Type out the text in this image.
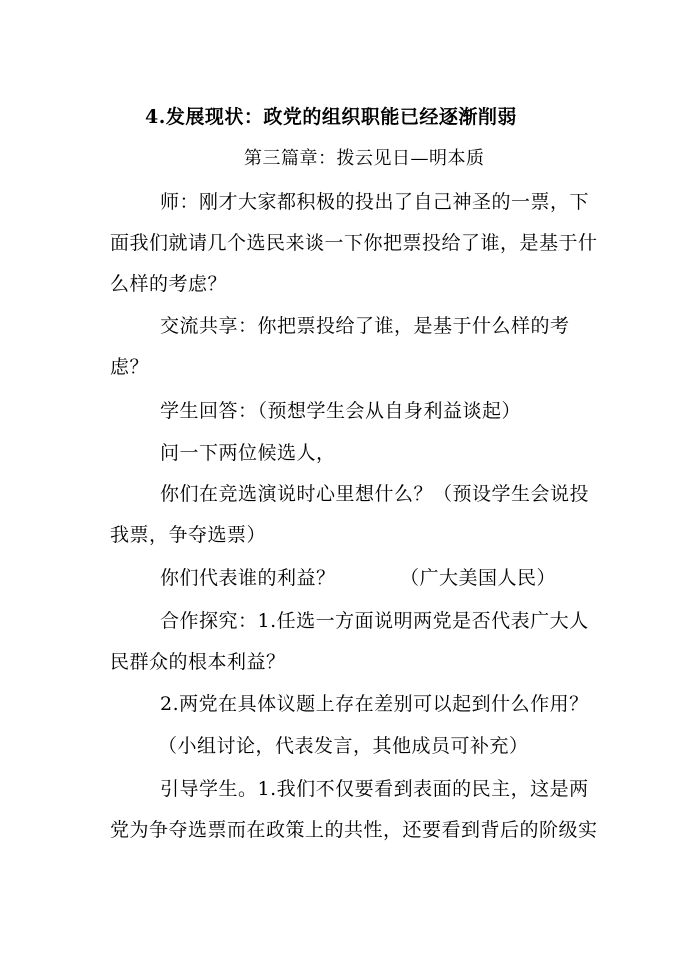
4.发展现状：政党的组织职能已经逐渐削弱
第三篇章：拨云见日—明本质
师：刚才大家都积极的投出了自己神圣的一票，下
面我们就请几个选民来谈一下你把票投给了谁，是基于什
么样的考虑？
交流共享：你把票投给了谁，是基于什么样的考
虑？
学生回答：（预想学生会从自身利益谈起）
问一下两位候选人，
你们在竞选演说时心里想什么？（预设学生会说投
我票，争夺选票）
你们代表谁的利益？	（广大美国人民）
合作探究：1.任选一方面说明两党是否代表广大人
民群众的根本利益？
2.两党在具体议题上存在差别可以起到什么作用？
（小组讨论，代表发言，其他成员可补充）
引导学生。1.我们不仅要看到表面的民主，这是两
党为争夺选票而在政策上的共性，还要看到背后的阶级实
